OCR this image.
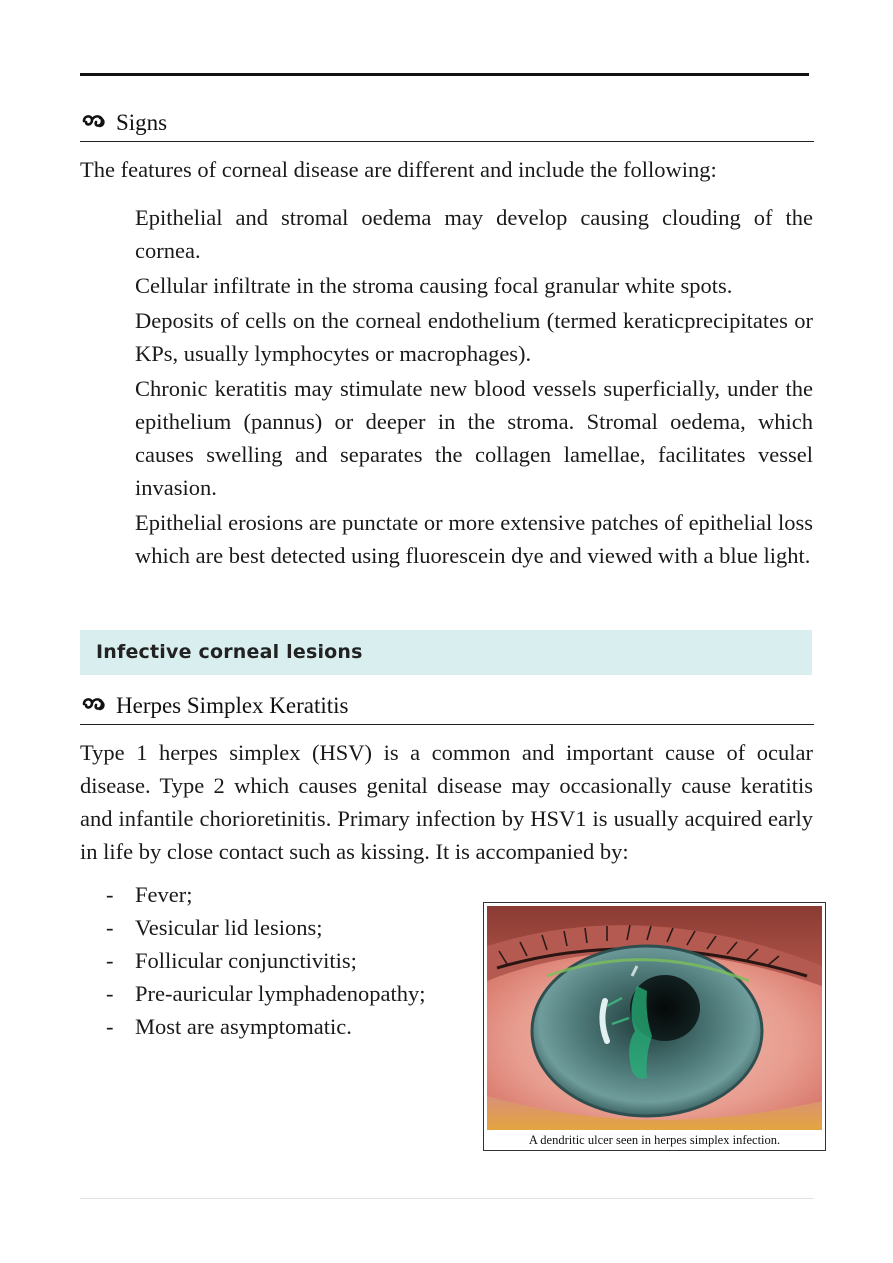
Signs

The features of corneal disease are different and include the following:

Epithelial and stromal oedema may develop causing clouding of the cornea.
Cellular infiltrate in the stroma causing focal granular white spots.
Deposits of cells on the corneal endothelium (termed keraticprecipitates or KPs, usually lymphocytes or macrophages).
Chronic keratitis may stimulate new blood vessels superficially, under the epithelium (pannus) or deeper in the stroma. Stromal oedema, which causes swelling and separates the collagen lamellae, facilitates vessel invasion.
Epithelial erosions are punctate or more extensive patches of epithelial loss which are best detected using fluorescein dye and viewed with a blue light.
Infective corneal lesions
Herpes Simplex Keratitis

Type 1 herpes simplex (HSV) is a common and important cause of ocular disease. Type 2 which causes genital disease may occasionally cause keratitis and infantile chorioretinitis. Primary infection by HSV1 is usually acquired early in life by close contact such as kissing. It is accompanied by:

- Fever;
- Vesicular lid lesions;
- Follicular conjunctivitis;
- Pre-auricular lymphadenopathy;
- Most are asymptomatic.
A dendritic ulcer seen in herpes simplex infection.
